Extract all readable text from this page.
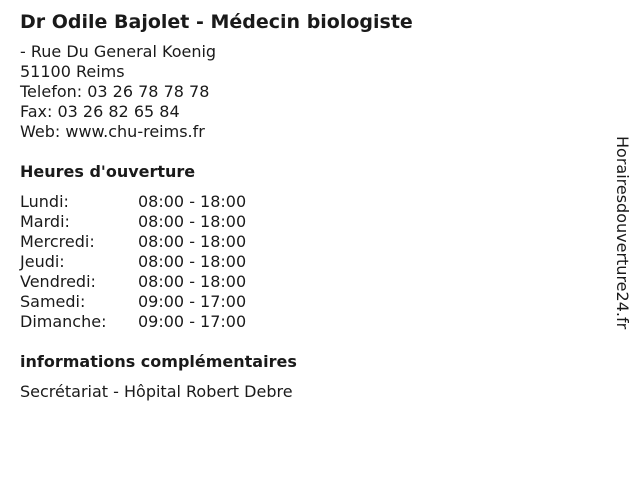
Dr Odile Bajolet - Médecin biologiste
- Rue Du General Koenig
51100 Reims
Telefon: 03 26 78 78 78
Fax: 03 26 82 65 84
Web: www.chu-reims.fr
Heures d'ouverture
Lundi:	08:00 - 18:00
Mardi:	08:00 - 18:00
Mercredi:	08:00 - 18:00
Jeudi:	08:00 - 18:00
Vendredi:	08:00 - 18:00
Samedi:	09:00 - 17:00
Dimanche:	09:00 - 17:00
informations complémentaires
Secrétariat - Hôpital Robert Debre
Horairesdouverture24.fr
